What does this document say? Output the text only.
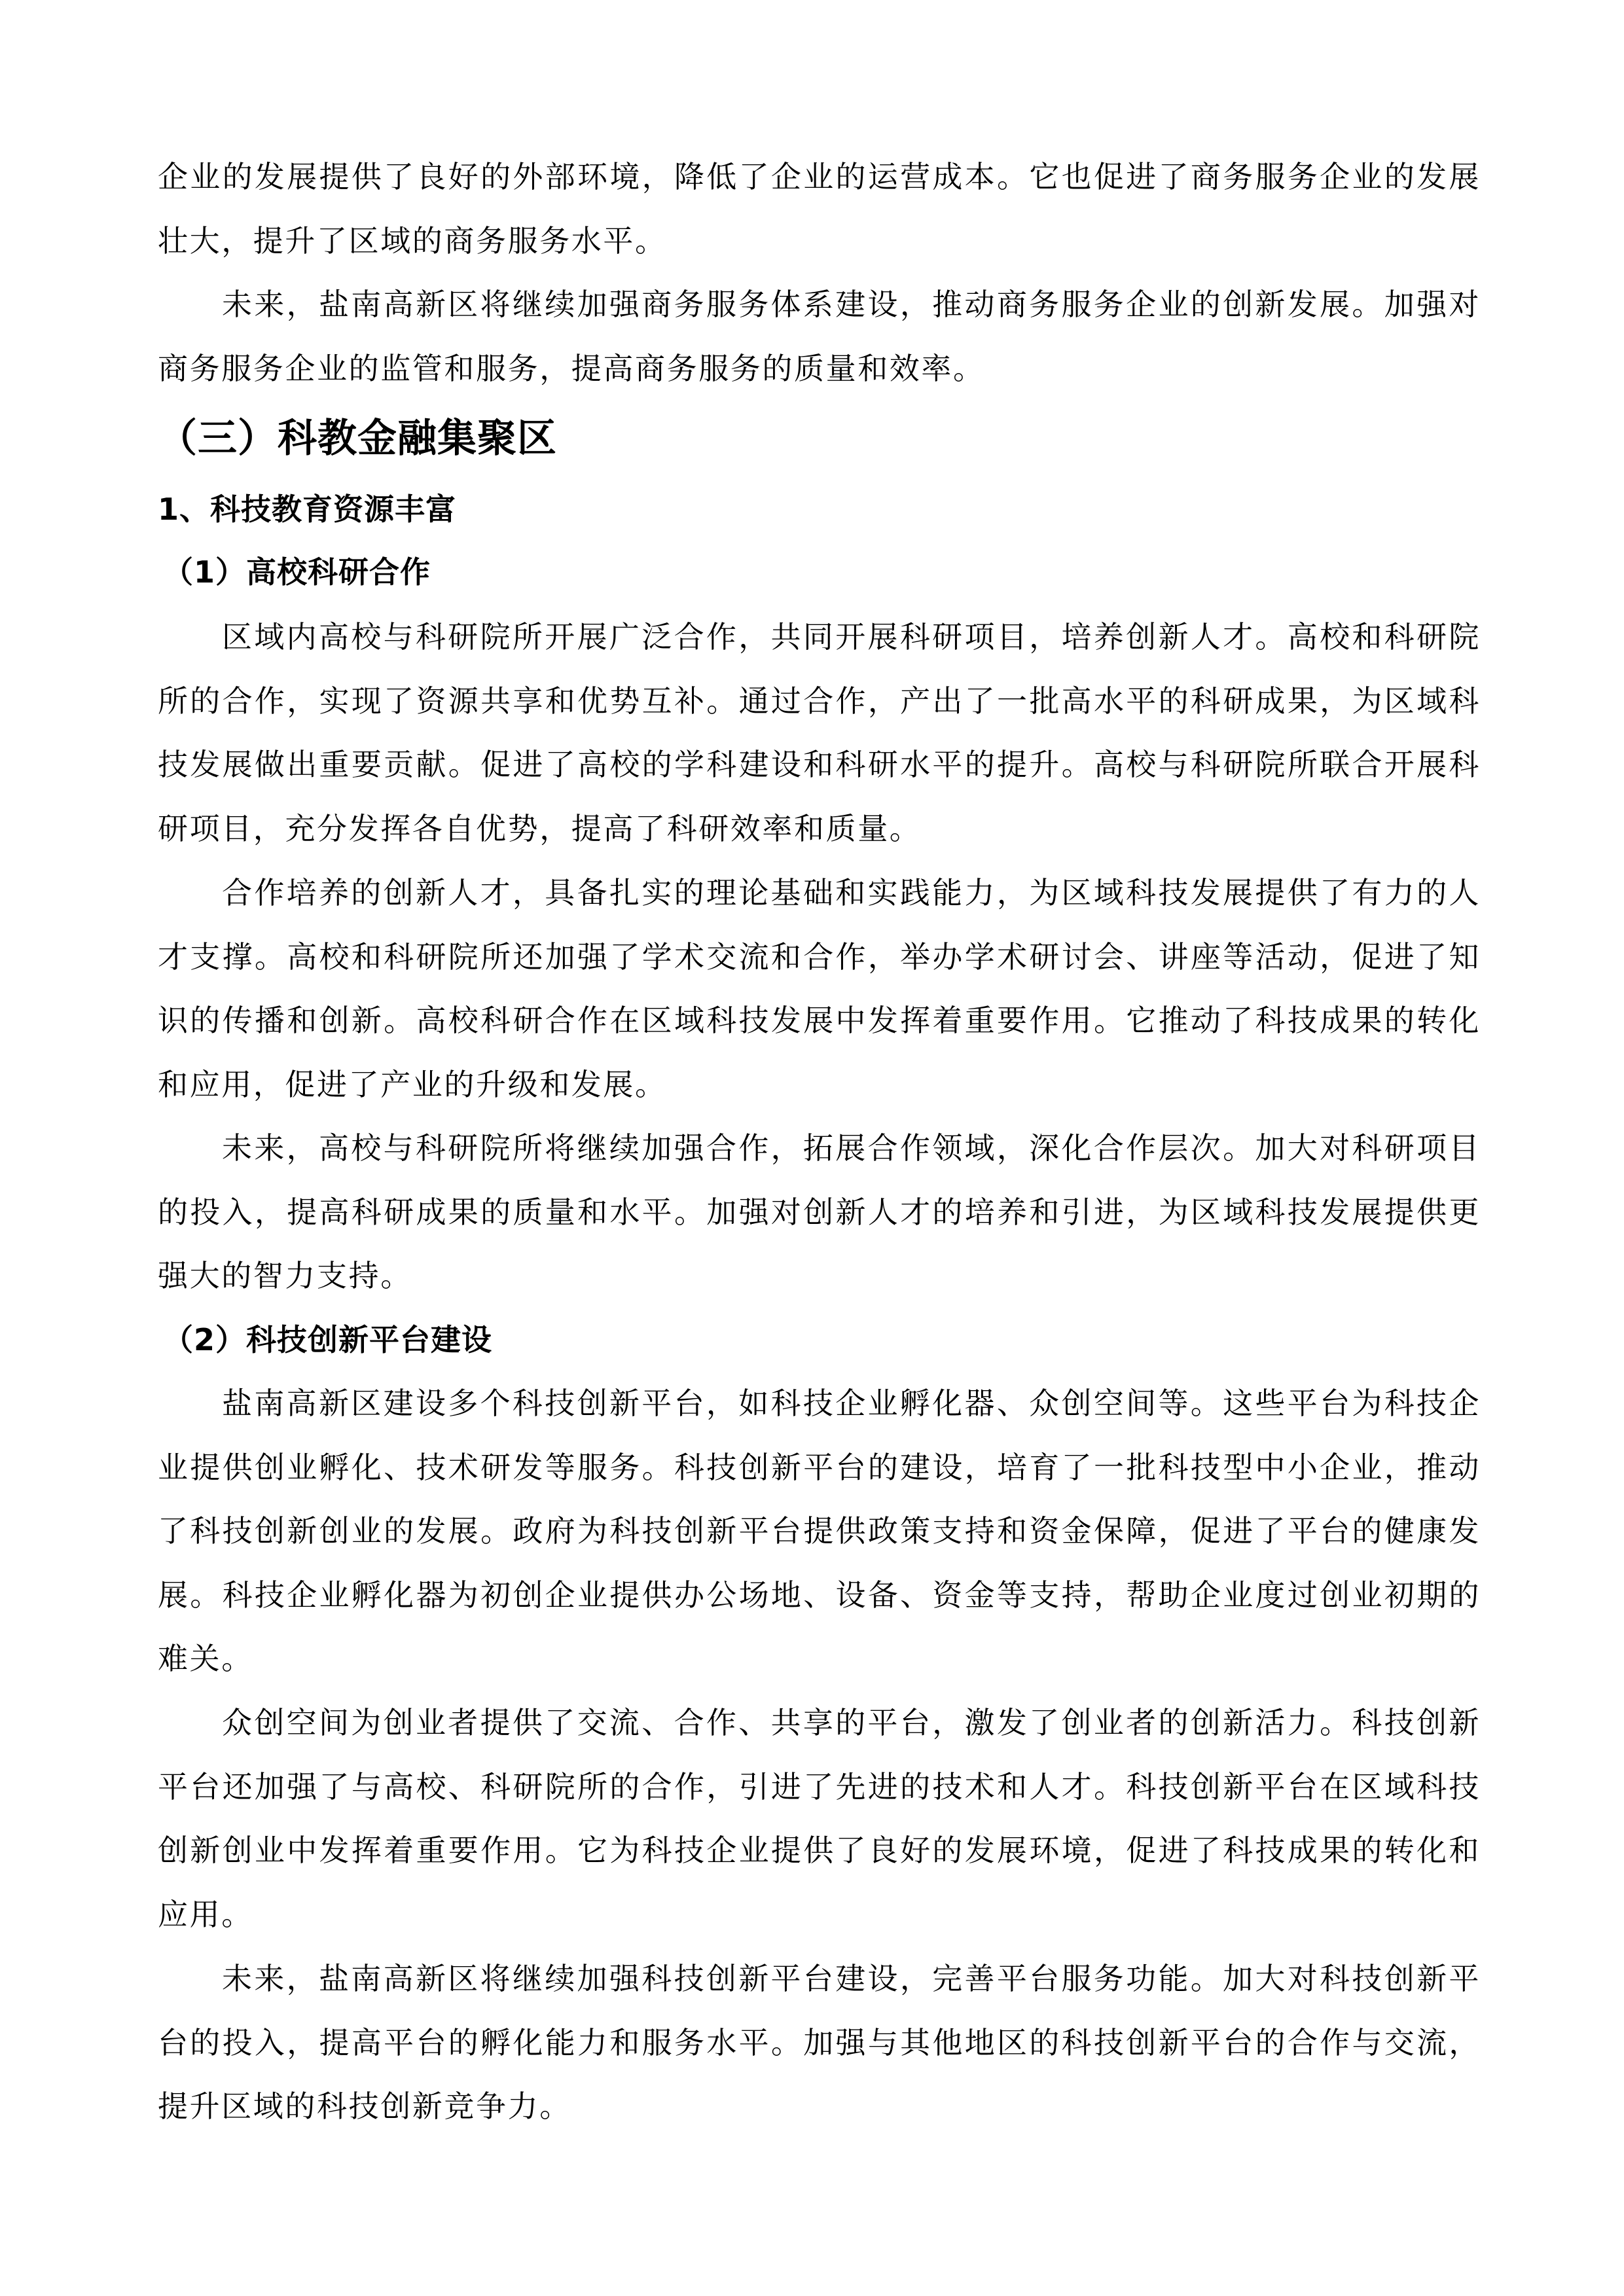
企业的发展提供了良好的外部环境，降低了企业的运营成本。它也促进了商务服务企业的发展壮大，提升了区域的商务服务水平。

未来，盐南高新区将继续加强商务服务体系建设，推动商务服务企业的创新发展。加强对商务服务企业的监管和服务，提高商务服务的质量和效率。

（三）科教金融集聚区
1、科技教育资源丰富
（1）高校科研合作

区域内高校与科研院所开展广泛合作，共同开展科研项目，培养创新人才。高校和科研院所的合作，实现了资源共享和优势互补。通过合作，产出了一批高水平的科研成果，为区域科技发展做出重要贡献。促进了高校的学科建设和科研水平的提升。高校与科研院所联合开展科研项目，充分发挥各自优势，提高了科研效率和质量。

合作培养的创新人才，具备扎实的理论基础和实践能力，为区域科技发展提供了有力的人才支撑。高校和科研院所还加强了学术交流和合作，举办学术研讨会、讲座等活动，促进了知识的传播和创新。高校科研合作在区域科技发展中发挥着重要作用。它推动了科技成果的转化和应用，促进了产业的升级和发展。

未来，高校与科研院所将继续加强合作，拓展合作领域，深化合作层次。加大对科研项目的投入，提高科研成果的质量和水平。加强对创新人才的培养和引进，为区域科技发展提供更强大的智力支持。

（2）科技创新平台建设

盐南高新区建设多个科技创新平台，如科技企业孵化器、众创空间等。这些平台为科技企业提供创业孵化、技术研发等服务。科技创新平台的建设，培育了一批科技型中小企业，推动了科技创新创业的发展。政府为科技创新平台提供政策支持和资金保障，促进了平台的健康发展。科技企业孵化器为初创企业提供办公场地、设备、资金等支持，帮助企业度过创业初期的难关。

众创空间为创业者提供了交流、合作、共享的平台，激发了创业者的创新活力。科技创新平台还加强了与高校、科研院所的合作，引进了先进的技术和人才。科技创新平台在区域科技创新创业中发挥着重要作用。它为科技企业提供了良好的发展环境，促进了科技成果的转化和应用。

未来，盐南高新区将继续加强科技创新平台建设，完善平台服务功能。加大对科技创新平台的投入，提高平台的孵化能力和服务水平。加强与其他地区的科技创新平台的合作与交流，提升区域的科技创新竞争力。
